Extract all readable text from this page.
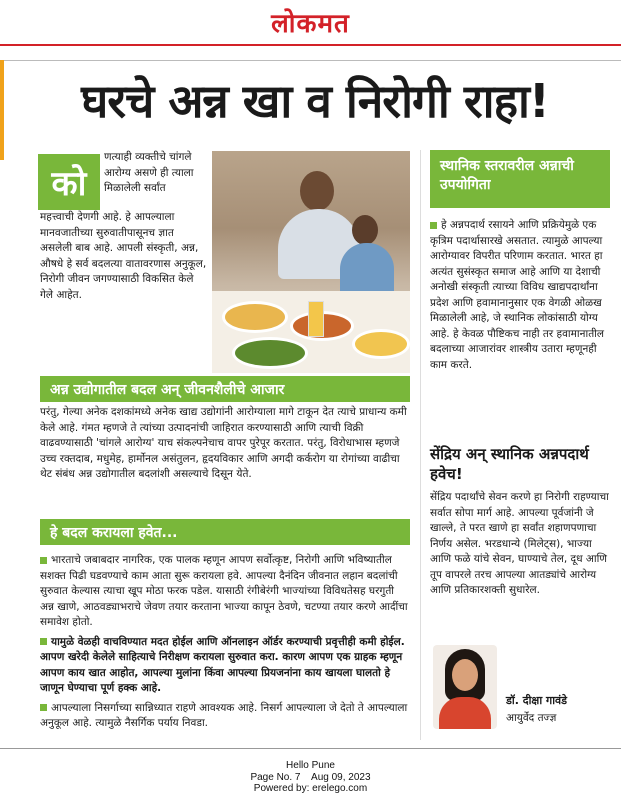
लोकमत
घरचे अन्न खा व निरोगी राहा!
को
णत्याही व्यक्तीचे चांगले आरोग्य असणे ही त्याला मिळालेली सर्वांत
महत्त्वाची देणगी आहे. हे आपल्याला मानवजातीच्या सुरुवातीपासूनच ज्ञात असलेली बाब आहे. आपली संस्कृती, अन्न, औषधे हे सर्व बदलत्या वातावरणास अनुकूल, निरोगी जीवन जगण्यासाठी विकसित केले गेले आहेत.
अन्न उद्योगातील बदल अन् जीवनशैलीचे आजार
परंतु, गेल्या अनेक दशकांमध्ये अनेक खाद्य उद्योगांनी आरोग्याला मागे टाकून देत त्याचे प्राधान्य कमी केले आहे. गंमत म्हणजे ते त्यांच्या उत्पादनांची जाहिरात करण्यासाठी आणि त्याची विक्री वाढवण्यासाठी 'चांगले आरोग्य' याच संकल्पनेचाच वापर पुरेपूर करतात. परंतु, विरोधाभास म्हणजे उच्च रक्तदाब, मधुमेह, हार्मोनल असंतुलन, हृदयविकार आणि अगदी कर्करोग या रोगांच्या वाढीचा थेट संबंध अन्न उद्योगातील बदलांशी असल्याचे दिसून येते.
हे बदल करायला हवेत...

भारताचे जबाबदार नागरिक, एक पालक म्हणून आपण सर्वोत्कृष्ट, निरोगी आणि भविष्यातील सशक्त पिढी घडवण्याचे काम आता सुरू करायला हवे. आपल्या दैनंदिन जीवनात लहान बदलांची सुरुवात केल्यास त्याचा खूप मोठा फरक पडेल. यासाठी रंगीबेरंगी भाज्यांच्या विविधतेसह घरगुती अन्न खाणे, आठवड्याभराचे जेवण तयार करताना भाज्या कापून ठेवणे, चटण्या तयार करणे आदींचा समावेश होतो.

यामुळे वेळही वाचविण्यात मदत होईल आणि ऑनलाइन ऑर्डर करण्याची प्रवृत्तीही कमी होईल. आपण खरेदी केलेले साहित्याचे निरीक्षण करायला सुरुवात करा. कारण आपण एक ग्राहक म्हणून आपण काय खात आहोत, आपल्या मुलांना किंवा आपल्या प्रियजनांना काय खायला घालतो हे जाणून घेण्याचा पूर्ण हक्क आहे.

आपल्याला निसर्गाच्या सान्निध्यात राहणे आवश्यक आहे. निसर्ग आपल्याला जे देतो ते आपल्याला अनुकूल आहे. त्यामुळे नैसर्गिक पर्याय निवडा.

स्थानिक स्तरावरील अन्नाची उपयोगिता
हे अन्नपदार्थ रसायने आणि प्रक्रियेमुळे एक कृत्रिम पदार्थासारखे असतात. त्यामुळे आपल्या आरोग्यावर विपरीत परिणाम करतात. भारत हा अत्यंत सुसंस्कृत समाज आहे आणि या देशाची अनोखी संस्कृती त्याच्या विविध खाद्यपदार्थांना प्रदेश आणि हवामानानुसार एक वेगळी ओळख मिळालेली आहे, जे स्थानिक लोकांसाठी योग्य आहे. हे केवळ पौष्टिकच नाही तर हवामानातील बदलाच्या आजारांवर शास्त्रीय उतारा म्हणूनही काम करते.
सेंद्रिय अन् स्थानिक अन्नपदार्थ हवेच!
सेंद्रिय पदार्थांचे सेवन करणे हा निरोगी राहण्याचा सर्वात सोपा मार्ग आहे. आपल्या पूर्वजांनी जे खाल्ले, ते परत खाणे हा सर्वांत शहाणपणाचा निर्णय असेल. भरडधान्ये (मिलेट्स), भाज्या आणि फळे यांचे सेवन, घाण्याचे तेल, दूध आणि तूप वापरले तरच आपल्या आतड्यांचे आरोग्य आणि प्रतिकारशक्ती सुधारेल.
डॉ. दीक्षा गावंडे
आयुर्वेद तज्ज्ञ
Hello Pune
Page No. 7    Aug 09, 2023
Powered by: erelego.com
